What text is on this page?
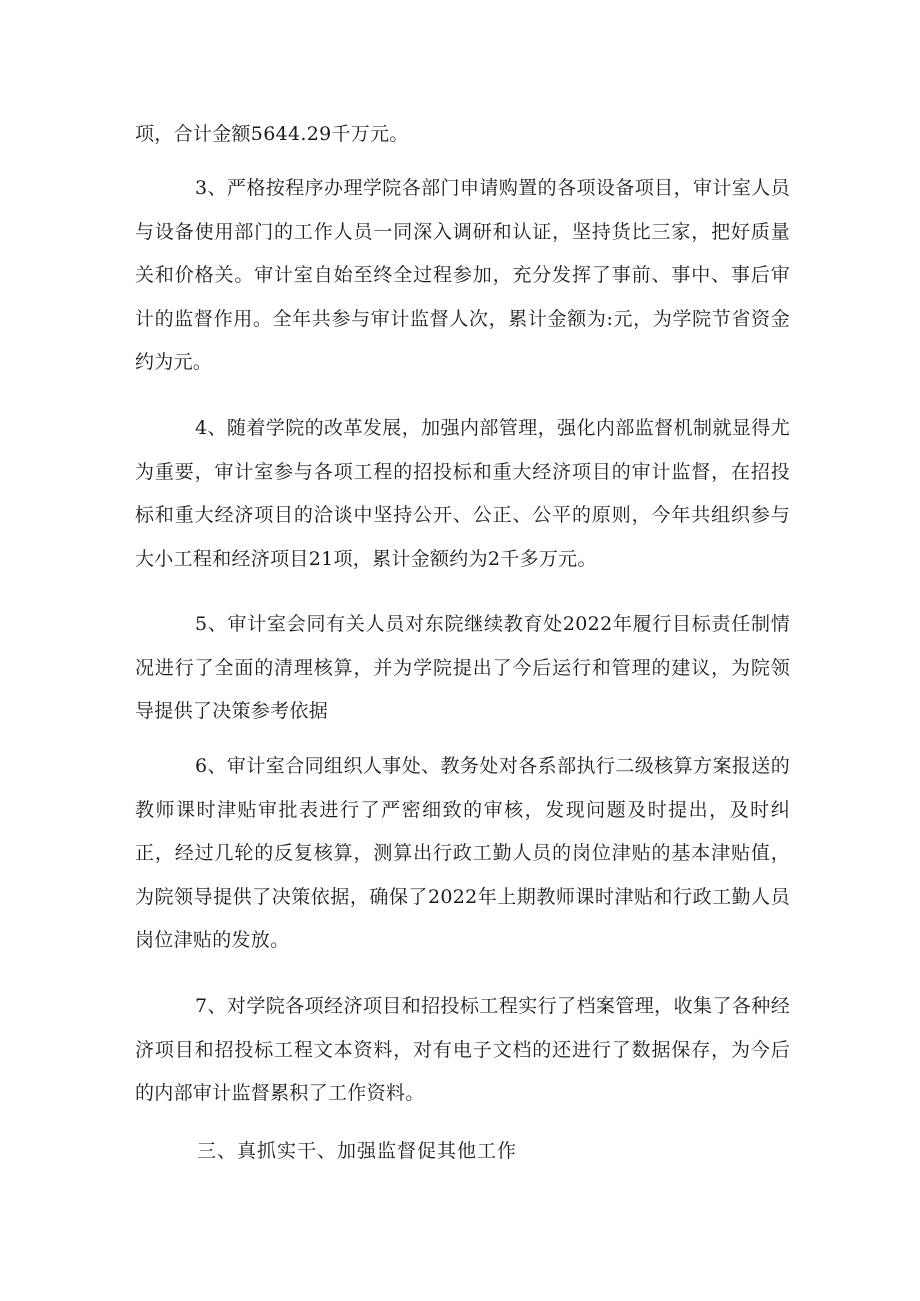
项，合计金额5644.29千万元。

3、严格按程序办理学院各部门申请购置的各项设备项目，审计室人员与设备使用部门的工作人员一同深入调研和认证，坚持货比三家，把好质量关和价格关。审计室自始至终全过程参加，充分发挥了事前、事中、事后审计的监督作用。全年共参与审计监督人次，累计金额为:元，为学院节省资金约为元。

4、随着学院的改革发展，加强内部管理，强化内部监督机制就显得尤为重要，审计室参与各项工程的招投标和重大经济项目的审计监督，在招投标和重大经济项目的洽谈中坚持公开、公正、公平的原则，今年共组织参与大小工程和经济项目21项，累计金额约为2千多万元。

5、审计室会同有关人员对东院继续教育处2022年履行目标责任制情况进行了全面的清理核算，并为学院提出了今后运行和管理的建议，为院领导提供了决策参考依据

6、审计室合同组织人事处、教务处对各系部执行二级核算方案报送的教师课时津贴审批表进行了严密细致的审核，发现问题及时提出，及时纠正，经过几轮的反复核算，测算出行政工勤人员的岗位津贴的基本津贴值，为院领导提供了决策依据，确保了2022年上期教师课时津贴和行政工勤人员岗位津贴的发放。

7、对学院各项经济项目和招投标工程实行了档案管理，收集了各种经济项目和招投标工程文本资料，对有电子文档的还进行了数据保存，为今后的内部审计监督累积了工作资料。

三、真抓实干、加强监督促其他工作
